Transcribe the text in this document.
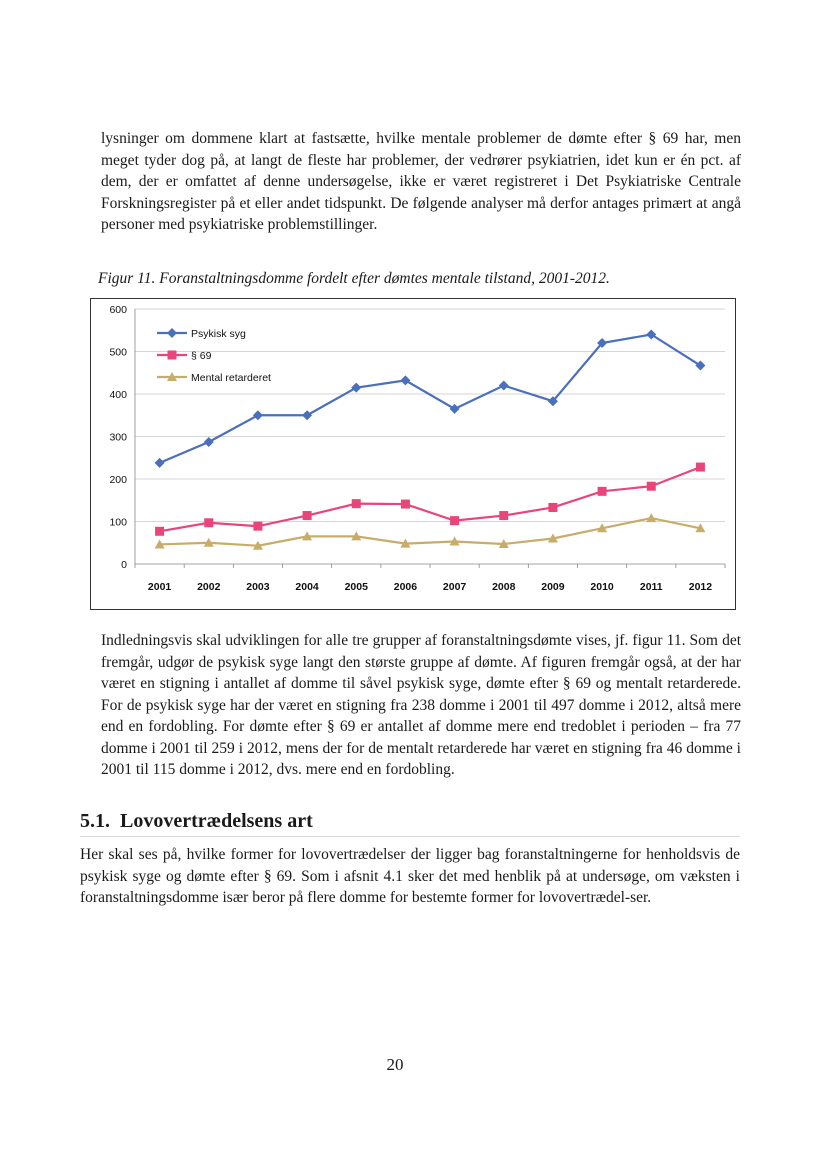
lysninger om dommene klart at fastsætte, hvilke mentale problemer de dømte efter § 69 har, men meget tyder dog på, at langt de fleste har problemer, der vedrører psykiatrien, idet kun er én pct. af dem, der er omfattet af denne undersøgelse, ikke er været registreret i Det Psykiatriske Centrale Forskningsregister på et eller andet tidspunkt. De følgende analyser må derfor antages primært at angå personer med psykiatriske problemstillinger.
Figur 11. Foranstaltningsdomme fordelt efter dømtes mentale tilstand, 2001-2012.
0
100
200
300
400
500
600
2001 2002 2003 2004 2005 2006 2007 2008 2009 2010 2011 2012
Psykisk syg
§ 69
Mental retarderet
Indledningsvis skal udviklingen for alle tre grupper af foranstaltningsdømte vises, jf. figur 11. Som det fremgår, udgør de psykisk syge langt den største gruppe af dømte. Af figuren fremgår også, at der har været en stigning i antallet af domme til såvel psykisk syge, dømte efter § 69 og mentalt retarderede. For de psykisk syge har der været en stigning fra 238 domme i 2001 til 497 domme i 2012, altså mere end en fordobling. For dømte efter § 69 er antallet af domme mere end tredoblet i perioden – fra 77 domme i 2001 til 259 i 2012, mens der for de mentalt retarderede har været en stigning fra 46 domme i 2001 til 115 domme i 2012, dvs. mere end en fordobling.
5.1. Lovovertrædelsens art
Her skal ses på, hvilke former for lovovertrædelser der ligger bag foranstaltningerne for henholdsvis de psykisk syge og dømte efter § 69. Som i afsnit 4.1 sker det med henblik på at undersøge, om væksten i foranstaltningsdomme især beror på flere domme for bestemte former for lovovertrædel-ser.
20
